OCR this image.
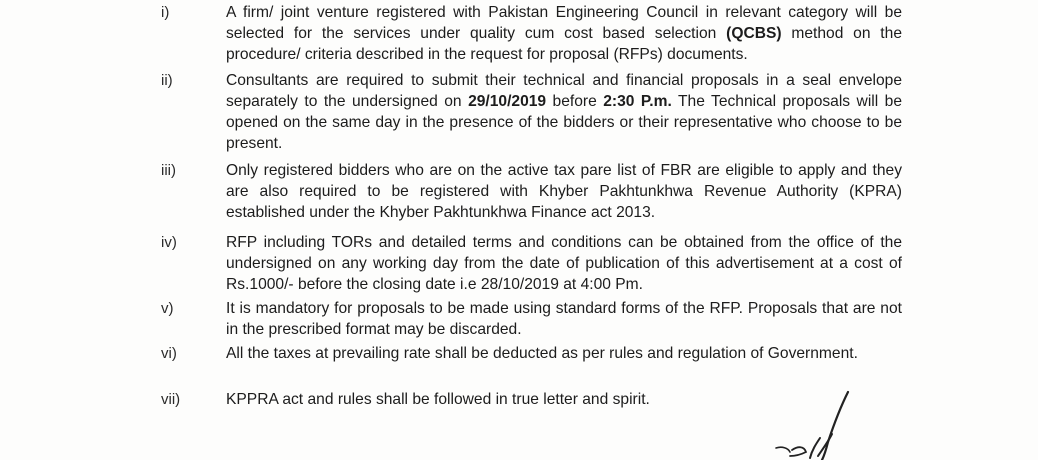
i)	A firm/ joint venture registered with Pakistan Engineering Council in relevant category will be selected for the services under quality cum cost based selection (QCBS) method on the procedure/ criteria described in the request for proposal (RFPs) documents.
ii)	Consultants are required to submit their technical and financial proposals in a seal envelope separately to the undersigned on 29/10/2019 before 2:30 P.m. The Technical proposals will be opened on the same day in the presence of the bidders or their representative who choose to be present.
iii)	Only registered bidders who are on the active tax pare list of FBR are eligible to apply and they are also required to be registered with Khyber Pakhtunkhwa Revenue Authority (KPRA) established under the Khyber Pakhtunkhwa Finance act 2013.
iv)	RFP including TORs and detailed terms and conditions can be obtained from the office of the undersigned on any working day from the date of publication of this advertisement at a cost of Rs.1000/- before the closing date i.e 28/10/2019 at 4:00 Pm.
v)	It is mandatory for proposals to be made using standard forms of the RFP. Proposals that are not in the prescribed format may be discarded.
vi)	All the taxes at prevailing rate shall be deducted as per rules and regulation of Government.
vii)	KPPRA act and rules shall be followed in true letter and spirit.
